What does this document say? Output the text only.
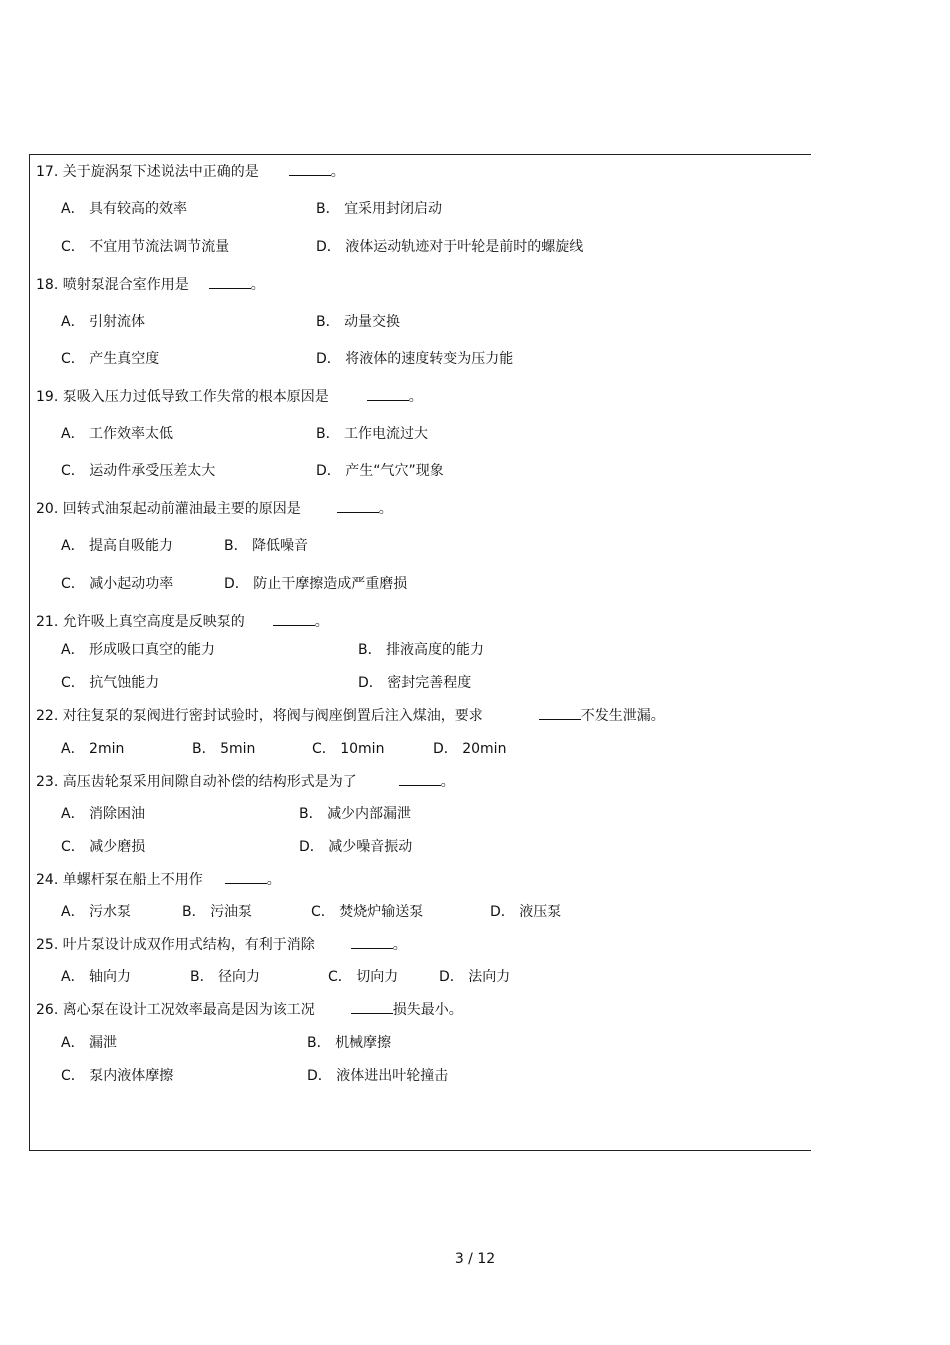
17. 关于旋涡泵下述说法中正确的是	。
A． 具有较高的效率	B． 宜采用封闭启动
C． 不宜用节流法调节流量	D． 液体运动轨迹对于叶轮是前时的螺旋线
18. 喷射泵混合室作用是	。
A． 引射流体	B． 动量交换
C． 产生真空度	D． 将液体的速度转变为压力能
19. 泵吸入压力过低导致工作失常的根本原因是	。
A． 工作效率太低	B． 工作电流过大
C． 运动件承受压差太大	D． 产生“气穴”现象
20. 回转式油泵起动前灌油最主要的原因是	。
A． 提高自吸能力	B． 降低噪音
C． 减小起动功率	D． 防止干摩擦造成严重磨损
21. 允许吸上真空高度是反映泵的	。
A． 形成吸口真空的能力	B． 排液高度的能力
C． 抗气蚀能力	D． 密封完善程度
22. 对往复泵的泵阀进行密封试验时，将阀与阀座倒置后注入煤油，要求	不发生泄漏。
A． 2min	B． 5min	C． 10min	D． 20min
23. 高压齿轮泵采用间隙自动补偿的结构形式是为了	。
A． 消除困油	B． 减少内部漏泄
C． 减少磨损	D． 减少噪音振动
24. 单螺杆泵在船上不用作	。
A． 污水泵	B． 污油泵	C． 焚烧炉输送泵	D． 液压泵
25. 叶片泵设计成双作用式结构，有利于消除	。
A． 轴向力	B． 径向力	C． 切向力	D． 法向力
26. 离心泵在设计工况效率最高是因为该工况	损失最小。
A． 漏泄	B． 机械摩擦
C． 泵内液体摩擦	D． 液体进出叶轮撞击
3 / 12
